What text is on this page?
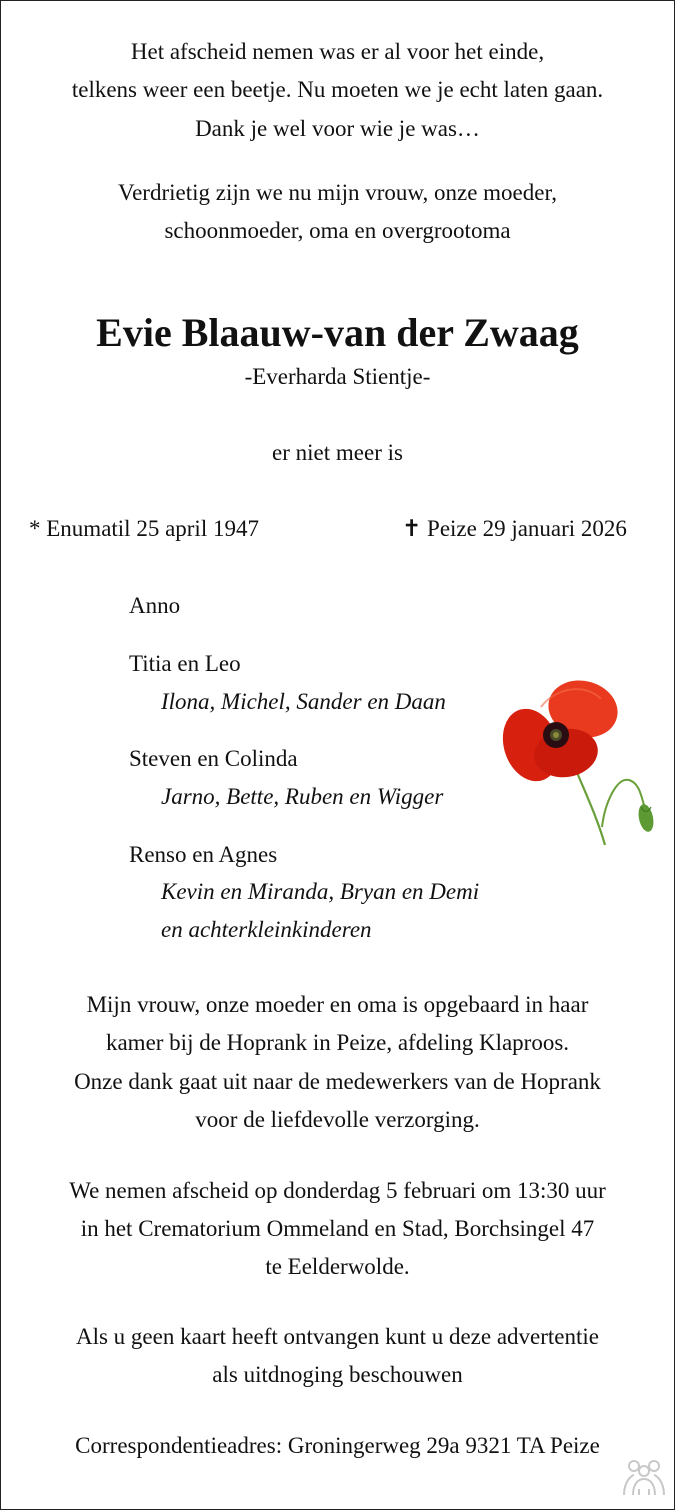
Het afscheid nemen was er al voor het einde,
telkens weer een beetje. Nu moeten we je echt laten gaan.
Dank je wel voor wie je was…
Verdrietig zijn we nu mijn vrouw, onze moeder,
schoonmoeder, oma en overgrootoma
Evie Blaauw-van der Zwaag
-Everharda Stientje-
er niet meer is
* Enumatil 25 april 1947	✝ Peize 29 januari 2026
Anno
Titia en Leo
Ilona, Michel, Sander en Daan
Steven en Colinda
Jarno, Bette, Ruben en Wigger
Renso en Agnes
Kevin en Miranda, Bryan en Demi
en achterkleinkinderen
Mijn vrouw, onze moeder en oma is opgebaard in haar
kamer bij de Hoprank in Peize, afdeling Klaproos.
Onze dank gaat uit naar de medewerkers van de Hoprank
voor de liefdevolle verzorging.
We nemen afscheid op donderdag 5 februari om 13:30 uur
in het Crematorium Ommeland en Stad, Borchsingel 47
te Eelderwolde.
Als u geen kaart heeft ontvangen kunt u deze advertentie
als uitdnoging beschouwen
Correspondentieadres: Groningerweg 29a 9321 TA Peize
